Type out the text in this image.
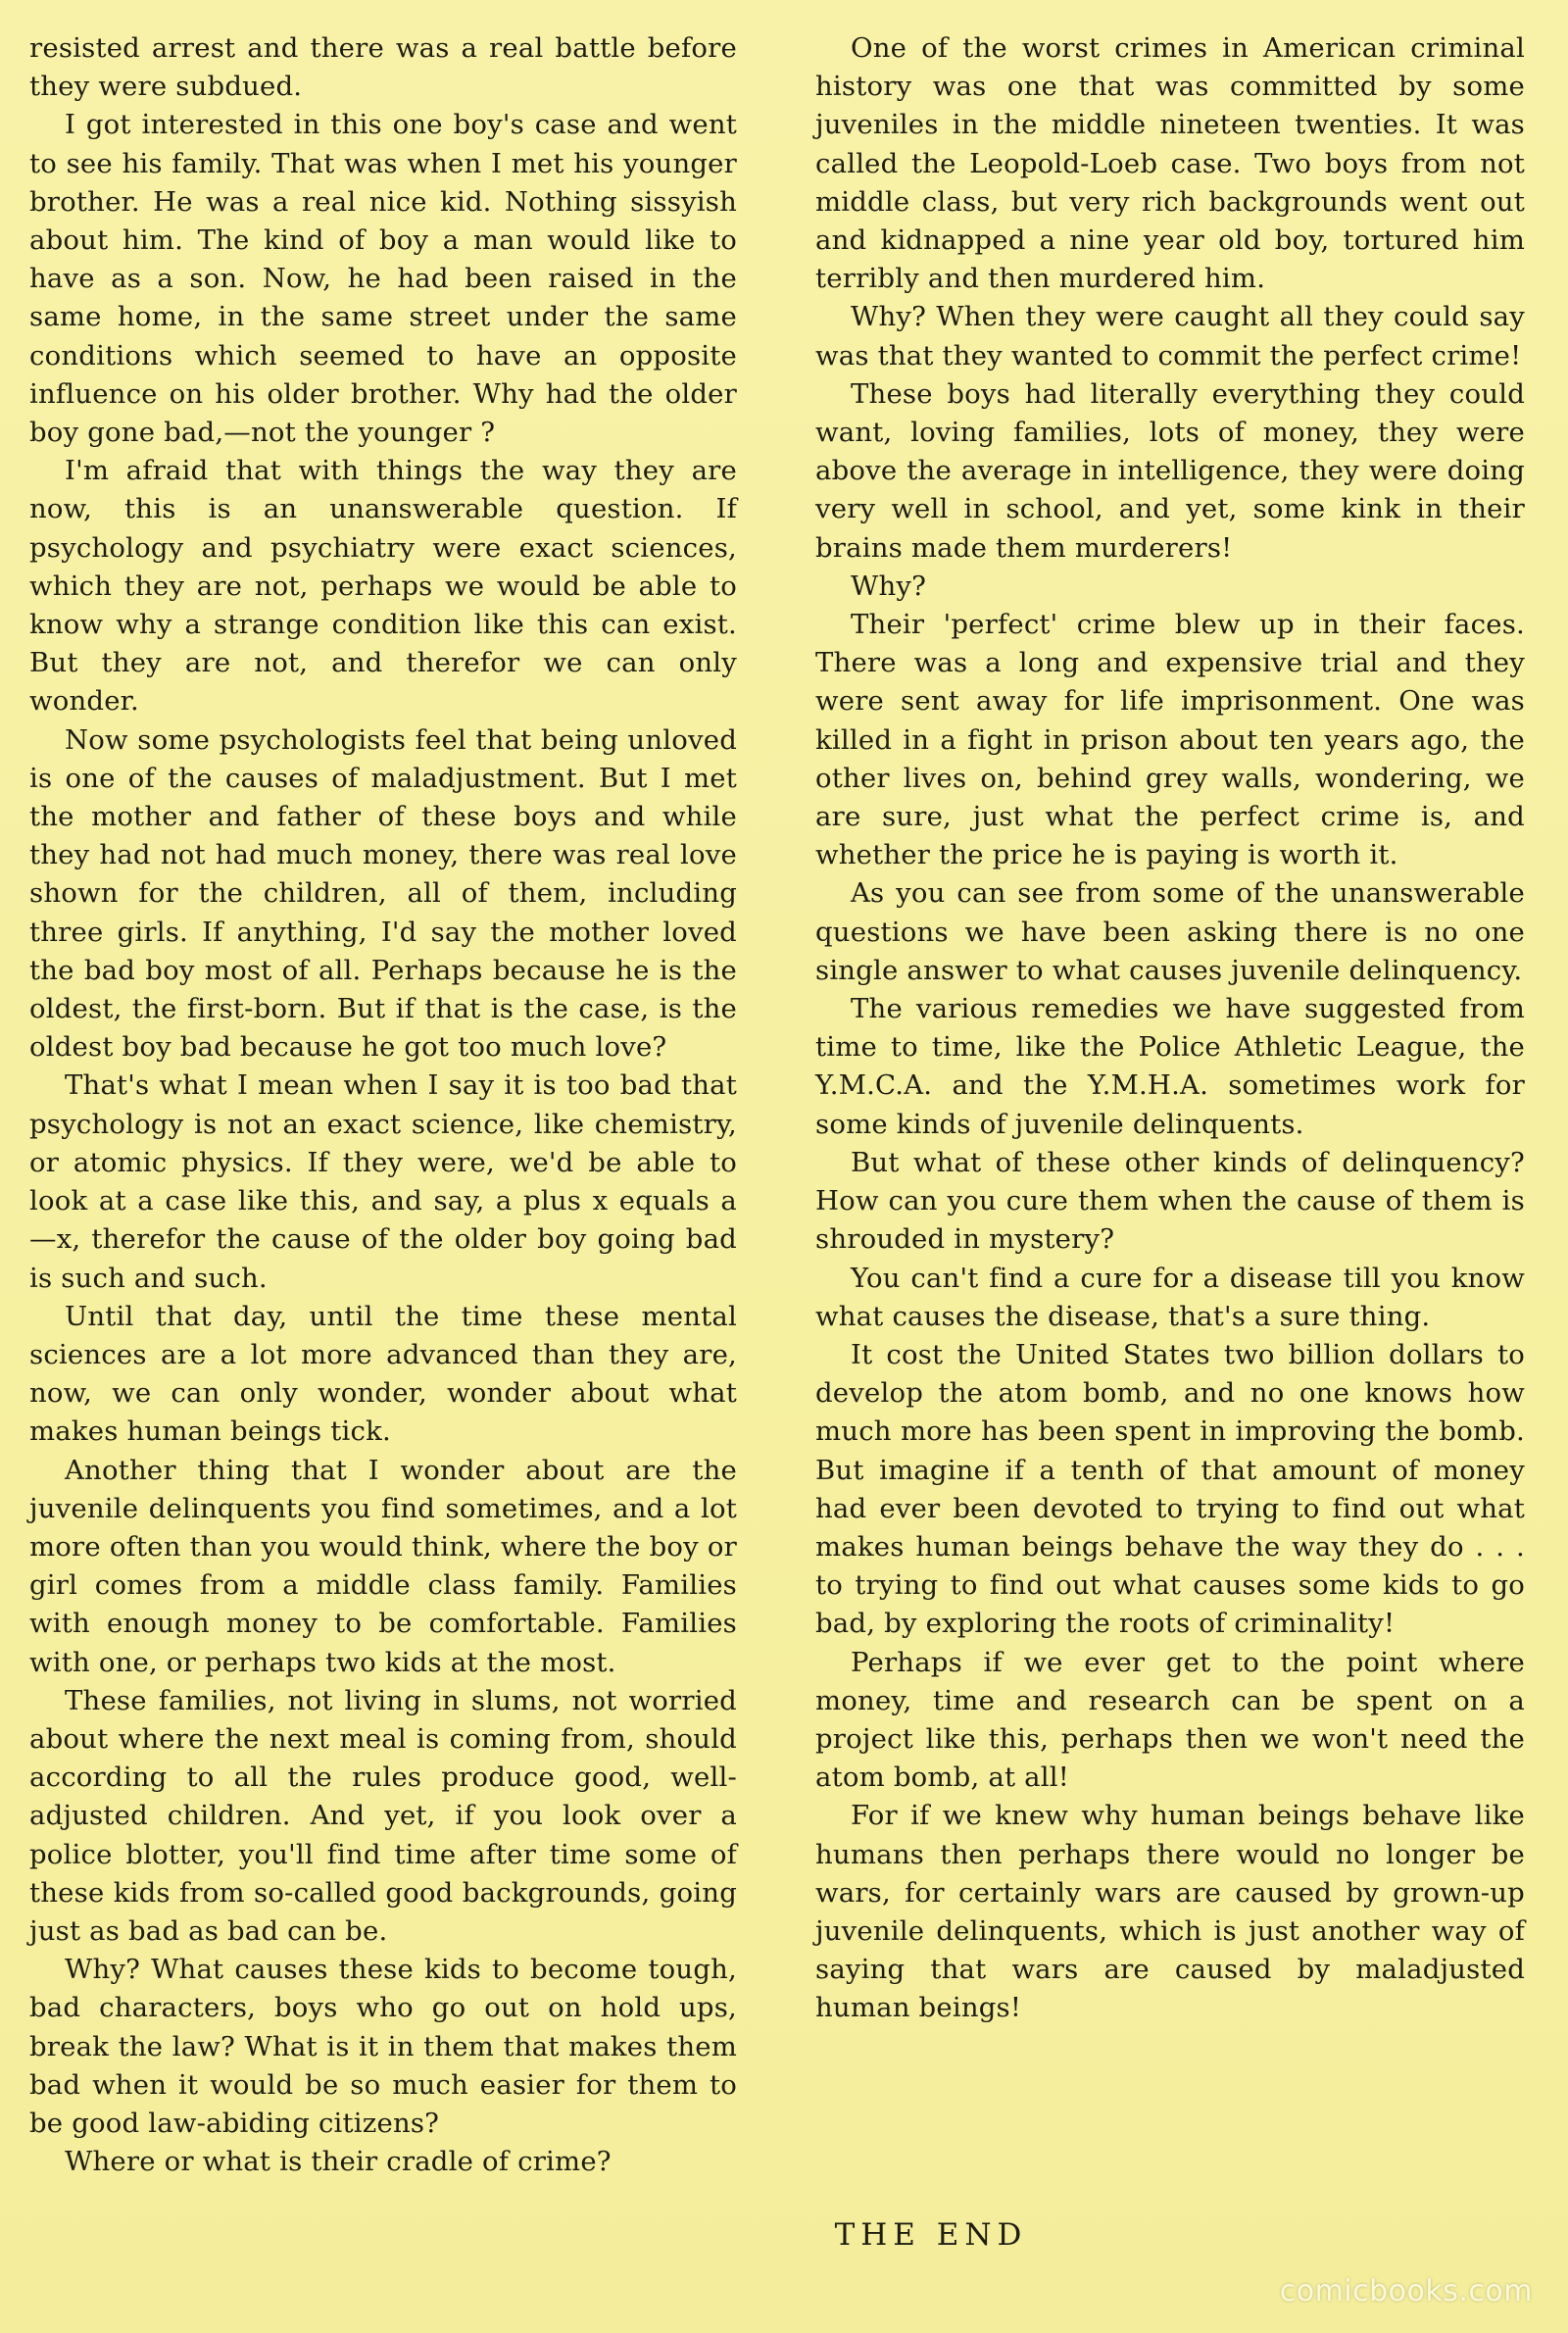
resisted arrest and there was a real battle before they were subdued.

I got interested in this one boy's case and went to see his family. That was when I met his younger brother. He was a real nice kid. Nothing sissyish about him. The kind of boy a man would like to have as a son. Now, he had been raised in the same home, in the same street under the same conditions which seemed to have an opposite influence on his older brother. Why had the older boy gone bad,—not the younger ?

I'm afraid that with things the way they are now, this is an unanswerable question. If psychology and psychiatry were exact sciences, which they are not, perhaps we would be able to know why a strange condition like this can exist. But they are not, and therefor we can only wonder.

Now some psychologists feel that being unloved is one of the causes of maladjustment. But I met the mother and father of these boys and while they had not had much money, there was real love shown for the children, all of them, including three girls. If anything, I'd say the mother loved the bad boy most of all. Perhaps because he is the oldest, the first-born. But if that is the case, is the oldest boy bad because he got too much love?

That's what I mean when I say it is too bad that psychology is not an exact science, like chemistry, or atomic physics. If they were, we'd be able to look at a case like this, and say, a plus x equals a —x, therefor the cause of the older boy going bad is such and such.

Until that day, until the time these mental sciences are a lot more advanced than they are, now, we can only wonder, wonder about what makes human beings tick.

Another thing that I wonder about are the juvenile delinquents you find sometimes, and a lot more often than you would think, where the boy or girl comes from a middle class family. Families with enough money to be comfortable. Families with one, or perhaps two kids at the most.

These families, not living in slums, not worried about where the next meal is coming from, should according to all the rules produce good, well-adjusted children. And yet, if you look over a police blotter, you'll find time after time some of these kids from so-called good backgrounds, going just as bad as bad can be.

Why? What causes these kids to become tough, bad characters, boys who go out on hold ups, break the law? What is it in them that makes them bad when it would be so much easier for them to be good law-abiding citizens?

Where or what is their cradle of crime?

One of the worst crimes in American criminal history was one that was committed by some juveniles in the middle nineteen twenties. It was called the Leopold-Loeb case. Two boys from not middle class, but very rich backgrounds went out and kidnapped a nine year old boy, tortured him terribly and then murdered him.

Why? When they were caught all they could say was that they wanted to commit the perfect crime!

These boys had literally everything they could want, loving families, lots of money, they were above the average in intelligence, they were doing very well in school, and yet, some kink in their brains made them murderers!

Why?

Their 'perfect' crime blew up in their faces. There was a long and expensive trial and they were sent away for life imprisonment. One was killed in a fight in prison about ten years ago, the other lives on, behind grey walls, wondering, we are sure, just what the perfect crime is, and whether the price he is paying is worth it.

As you can see from some of the unanswerable questions we have been asking there is no one single answer to what causes juvenile delinquency.

The various remedies we have suggested from time to time, like the Police Athletic League, the Y.M.C.A. and the Y.M.H.A. sometimes work for some kinds of juvenile delinquents.

But what of these other kinds of delinquency? How can you cure them when the cause of them is shrouded in mystery?

You can't find a cure for a disease till you know what causes the disease, that's a sure thing.

It cost the United States two billion dollars to develop the atom bomb, and no one knows how much more has been spent in improving the bomb. But imagine if a tenth of that amount of money had ever been devoted to trying to find out what makes human beings behave the way they do . . . to trying to find out what causes some kids to go bad, by exploring the roots of criminality!

Perhaps if we ever get to the point where money, time and research can be spent on a project like this, perhaps then we won't need the atom bomb, at all!

For if we knew why human beings behave like humans then perhaps there would no longer be wars, for certainly wars are caused by grown-up juvenile delinquents, which is just another way of saying that wars are caused by maladjusted human beings!

THE END
comicbooks.com
